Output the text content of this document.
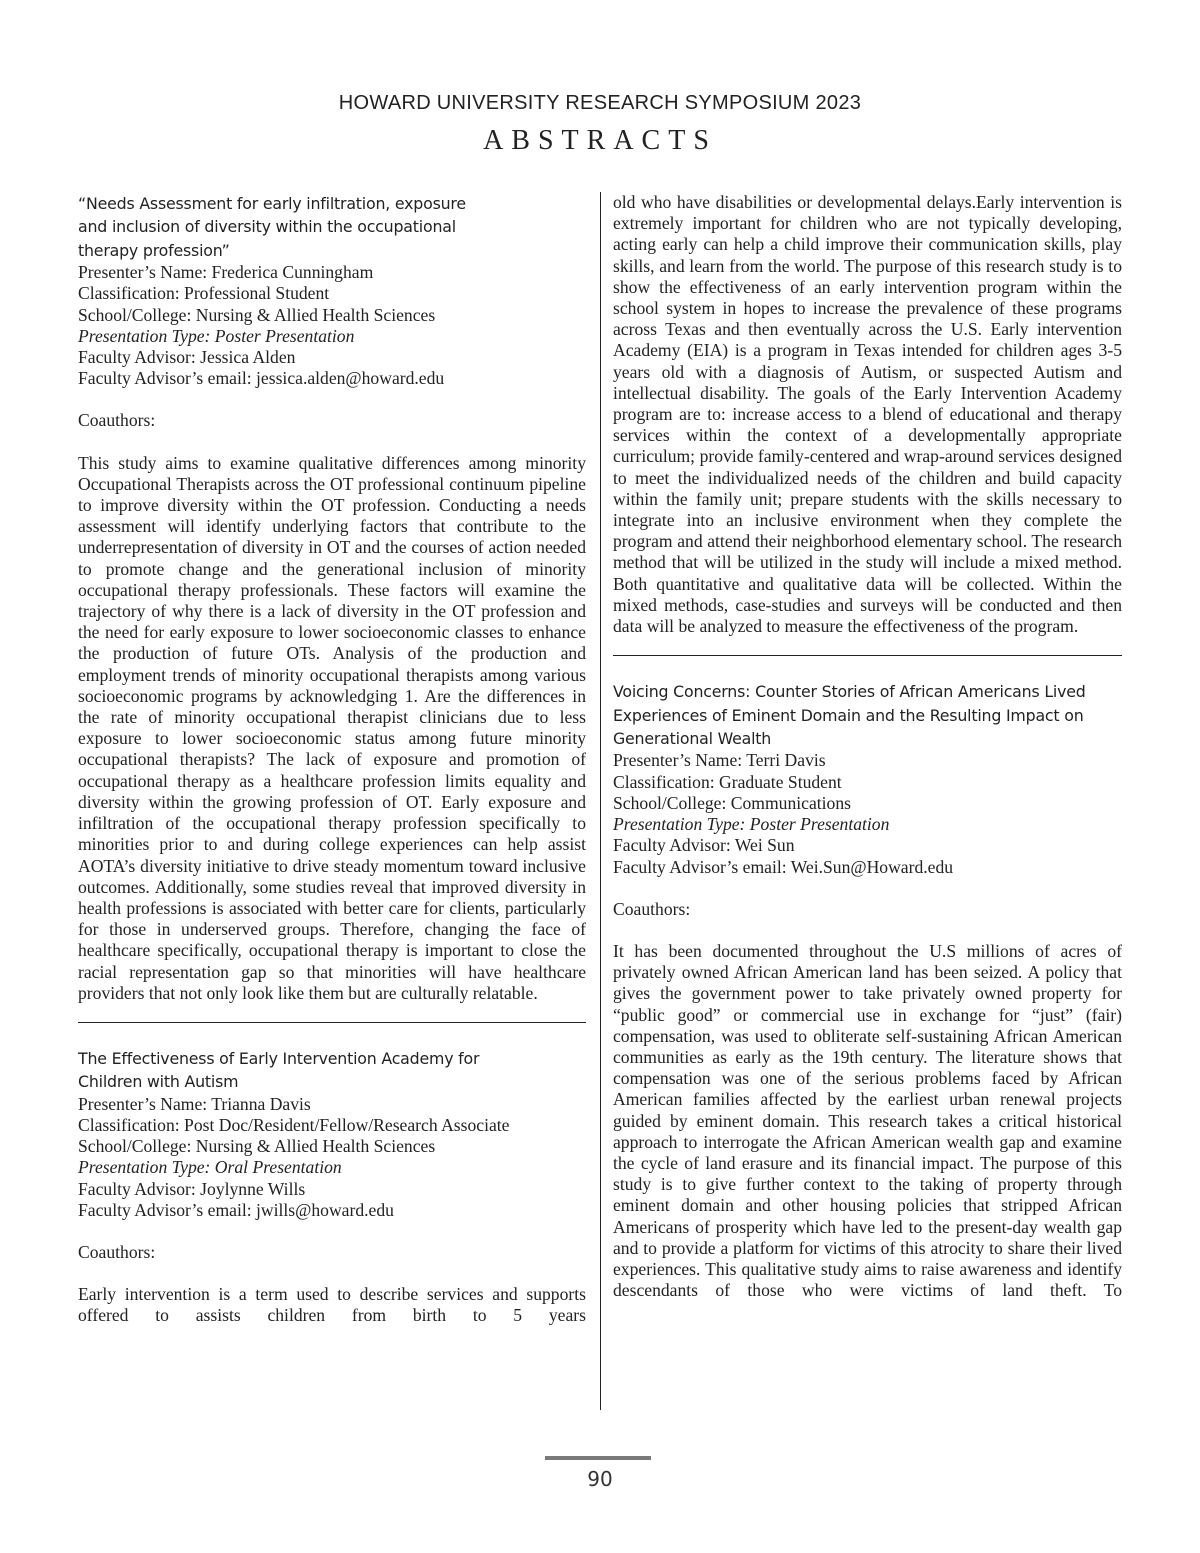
HOWARD UNIVERSITY RESEARCH SYMPOSIUM 2023
ABSTRACTS
“Needs Assessment for early infiltration, exposure and inclusion of diversity within the occupational therapy profession”
Presenter’s Name: Frederica Cunningham
Classification: Professional Student
School/College: Nursing & Allied Health Sciences
Presentation Type: Poster Presentation
Faculty Advisor: Jessica Alden
Faculty Advisor’s email: jessica.alden@howard.edu
Coauthors:
This study aims to examine qualitative differences among minority Occupational Therapists across the OT professional continuum pipeline to improve diversity within the OT profession. Conducting a needs assessment will identify underlying factors that contribute to the underrepresentation of diversity in OT and the courses of action needed to promote change and the generational inclusion of minority occupational therapy professionals. These factors will examine the trajectory of why there is a lack of diversity in the OT profession and the need for early exposure to lower socioeconomic classes to enhance the production of future OTs. Analysis of the production and employment trends of minority occupational therapists among various socioeconomic programs by acknowledging 1. Are the differences in the rate of minority occupational therapist clinicians due to less exposure to lower socioeconomic status among future minority occupational therapists? The lack of exposure and promotion of occupational therapy as a healthcare profession limits equality and diversity within the growing profession of OT. Early exposure and infiltration of the occupational therapy profession specifically to minorities prior to and during college experiences can help assist AOTA’s diversity initiative to drive steady momentum toward inclusive outcomes. Additionally, some studies reveal that improved diversity in health professions is associated with better care for clients, particularly for those in underserved groups. Therefore, changing the face of healthcare specifically, occupational therapy is important to close the racial representation gap so that minorities will have healthcare providers that not only look like them but are culturally relatable.
The Effectiveness of Early Intervention Academy for Children with Autism
Presenter’s Name: Trianna Davis
Classification: Post Doc/Resident/Fellow/Research Associate
School/College: Nursing & Allied Health Sciences
Presentation Type: Oral Presentation
Faculty Advisor: Joylynne Wills
Faculty Advisor’s email: jwills@howard.edu
Coauthors:
Early intervention is a term used to describe services and supports offered to assists children from birth to 5 years
old who have disabilities or developmental delays.Early intervention is extremely important for children who are not typically developing, acting early can help a child improve their communication skills, play skills, and learn from the world. The purpose of this research study is to show the effectiveness of an early intervention program within the school system in hopes to increase the prevalence of these programs across Texas and then eventually across the U.S. Early intervention Academy (EIA) is a program in Texas intended for children ages 3-5 years old with a diagnosis of Autism, or suspected Autism and intellectual disability. The goals of the Early Intervention Academy program are to: increase access to a blend of educational and therapy services within the context of a developmentally appropriate curriculum; provide family-centered and wrap-around services designed to meet the individualized needs of the children and build capacity within the family unit; prepare students with the skills necessary to integrate into an inclusive environment when they complete the program and attend their neighborhood elementary school. The research method that will be utilized in the study will include a mixed method. Both quantitative and qualitative data will be collected. Within the mixed methods, case-studies and surveys will be conducted and then data will be analyzed to measure the effectiveness of the program.
Voicing Concerns: Counter Stories of African Americans Lived Experiences of Eminent Domain and the Resulting Impact on Generational Wealth
Presenter’s Name: Terri Davis
Classification: Graduate Student
School/College: Communications
Presentation Type: Poster Presentation
Faculty Advisor: Wei Sun
Faculty Advisor’s email: Wei.Sun@Howard.edu
Coauthors:
It has been documented throughout the U.S millions of acres of privately owned African American land has been seized. A policy that gives the government power to take privately owned property for “public good” or commercial use in exchange for “just” (fair) compensation, was used to obliterate self-sustaining African American communities as early as the 19th century. The literature shows that compensation was one of the serious problems faced by African American families affected by the earliest urban renewal projects guided by eminent domain. This research takes a critical historical approach to interrogate the African American wealth gap and examine the cycle of land erasure and its financial impact. The purpose of this study is to give further context to the taking of property through eminent domain and other housing policies that stripped African Americans of prosperity which have led to the present-day wealth gap and to provide a platform for victims of this atrocity to share their lived experiences. This qualitative study aims to raise awareness and identify descendants of those who were victims of land theft. To
90
